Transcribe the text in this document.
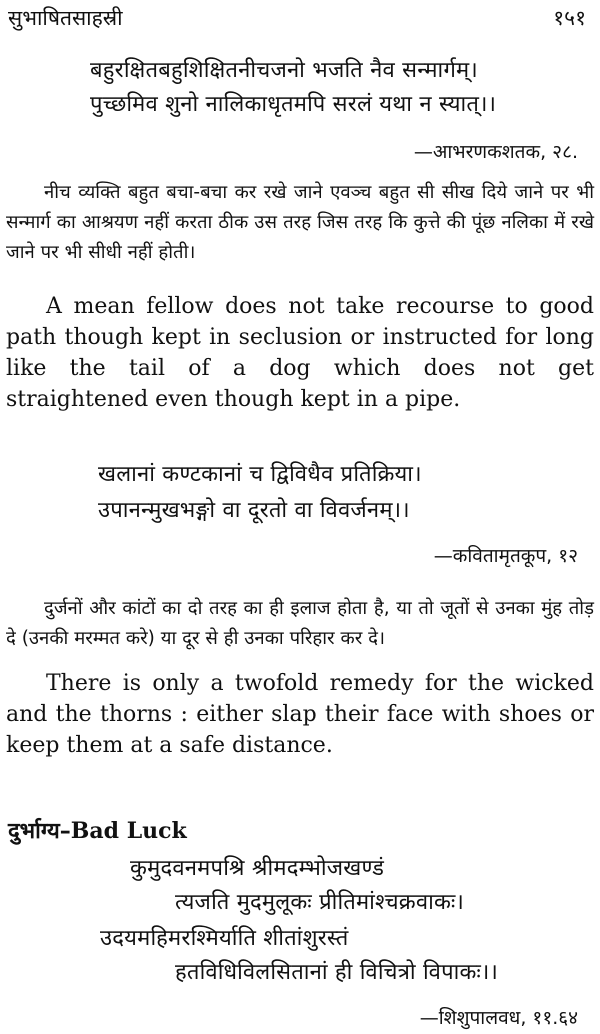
सुभाषितसाहस्री	१५१
बहुरक्षितबहुशिक्षितनीचजनो भजति नैव सन्मार्गम्।
पुच्छमिव शुनो नालिकाधृतमपि सरलं यथा न स्यात्।।
—आभरणकशतक, २८.
नीच व्यक्ति बहुत बचा-बचा कर रखे जाने एवञ्च बहुत सी सीख दिये जाने पर भी सन्मार्ग का आश्रयण नहीं करता ठीक उस तरह जिस तरह कि कुत्ते की पूंछ नलिका में रखे जाने पर भी सीधी नहीं होती।
A mean fellow does not take recourse to good path though kept in seclusion or instructed for long like the tail of a dog which does not get straightened even though kept in a pipe.
खलानां कण्टकानां च द्विविधैव प्रतिक्रिया।
उपानन्मुखभङ्गो वा दूरतो वा विवर्जनम्।।
—कवितामृतकूप, १२
दुर्जनों और कांटों का दो तरह का ही इलाज होता है, या तो जूतों से उनका मुंह तोड़ दे (उनकी मरम्मत करे) या दूर से ही उनका परिहार कर दे।
There is only a twofold remedy for the wicked and the thorns : either slap their face with shoes or keep them at a safe distance.
दुर्भाग्य–Bad Luck
कुमुदवनमपश्रि श्रीमदम्भोजखण्डं
त्यजति मुदमुलूकः प्रीतिमांश्चक्रवाकः।
उदयमहिमरश्मिर्याति शीतांशुरस्तं
हतविधिविलसितानां ही विचित्रो विपाकः।।
—शिशुपालवध, ११.६४
